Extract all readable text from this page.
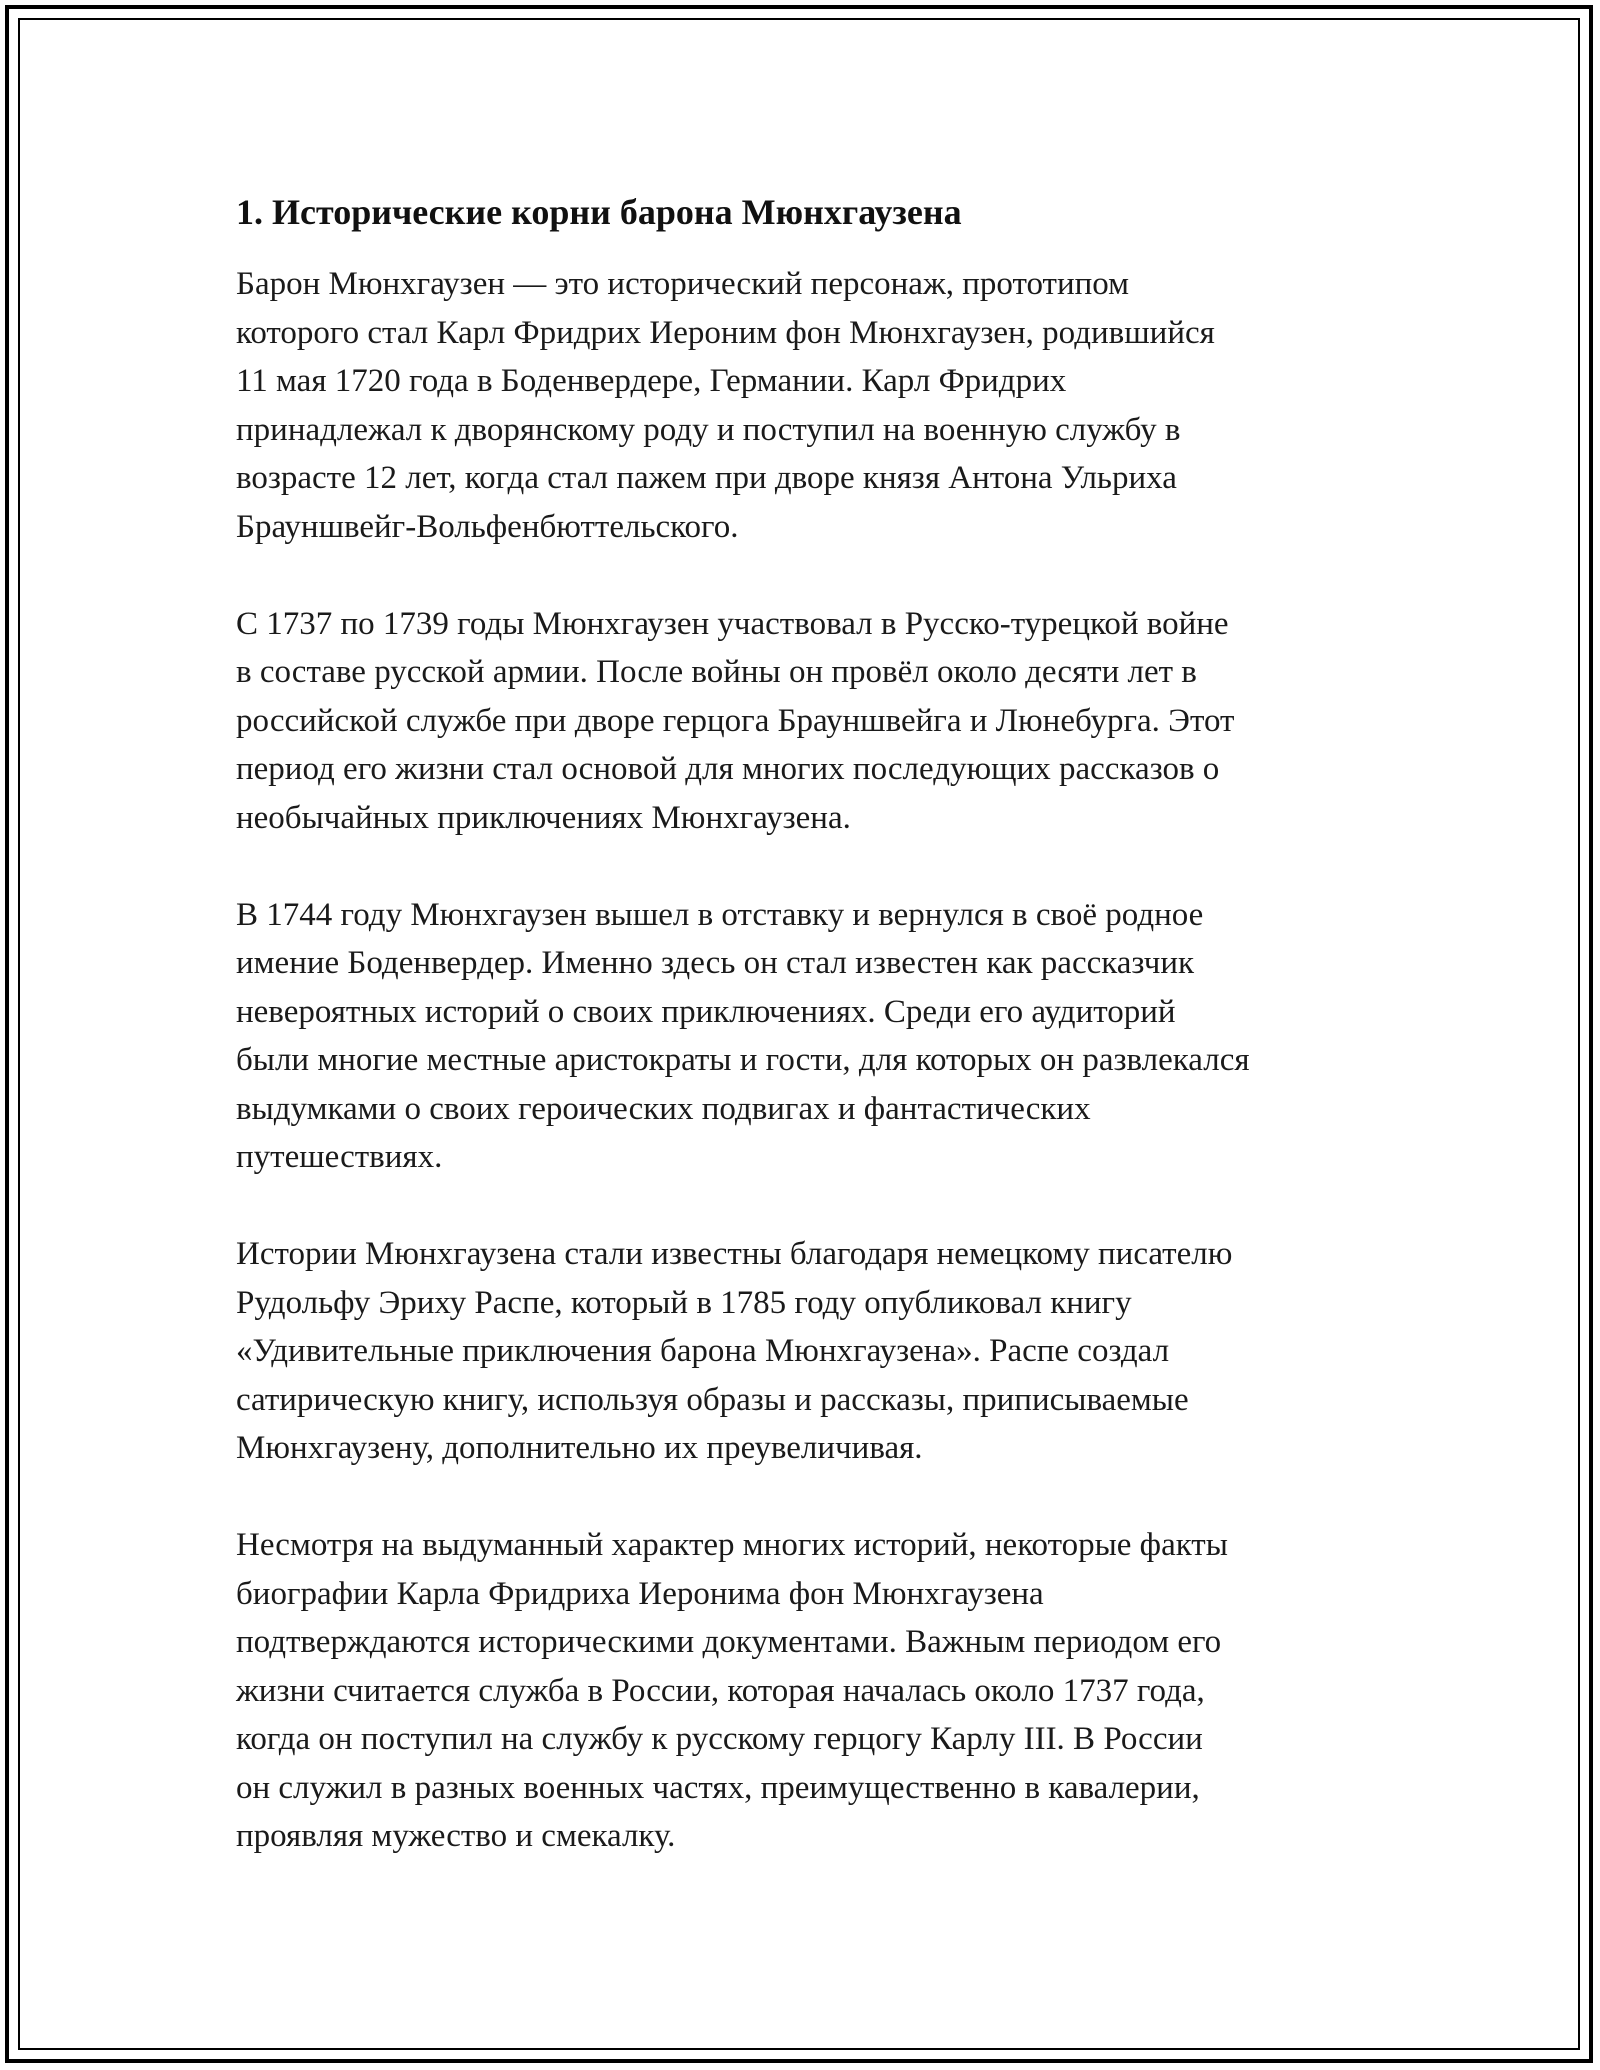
1. Исторические корни барона Мюнхгаузена

Барон Мюнхгаузен — это исторический персонаж, прототипом
которого стал Карл Фридрих Иероним фон Мюнхгаузен, родившийся
11 мая 1720 года в Боденвердере, Германии. Карл Фридрих
принадлежал к дворянскому роду и поступил на военную службу в
возрасте 12 лет, когда стал пажем при дворе князя Антона Ульриха
Брауншвейг-Вольфенбюттельского.

С 1737 по 1739 годы Мюнхгаузен участвовал в Русско-турецкой войне
в составе русской армии. После войны он провёл около десяти лет в
российской службе при дворе герцога Брауншвейга и Люнебурга. Этот
период его жизни стал основой для многих последующих рассказов о
необычайных приключениях Мюнхгаузена.

В 1744 году Мюнхгаузен вышел в отставку и вернулся в своё родное
имение Боденвердер. Именно здесь он стал известен как рассказчик
невероятных историй о своих приключениях. Среди его аудиторий
были многие местные аристократы и гости, для которых он развлекался
выдумками о своих героических подвигах и фантастических
путешествиях.

Истории Мюнхгаузена стали известны благодаря немецкому писателю
Рудольфу Эриху Распе, который в 1785 году опубликовал книгу
«Удивительные приключения барона Мюнхгаузена». Распе создал
сатирическую книгу, используя образы и рассказы, приписываемые
Мюнхгаузену, дополнительно их преувеличивая.

Несмотря на выдуманный характер многих историй, некоторые факты
биографии Карла Фридриха Иеронима фон Мюнхгаузена
подтверждаются историческими документами. Важным периодом его
жизни считается служба в России, которая началась около 1737 года,
когда он поступил на службу к русскому герцогу Карлу III. В России
он служил в разных военных частях, преимущественно в кавалерии,
проявляя мужество и смекалку.
